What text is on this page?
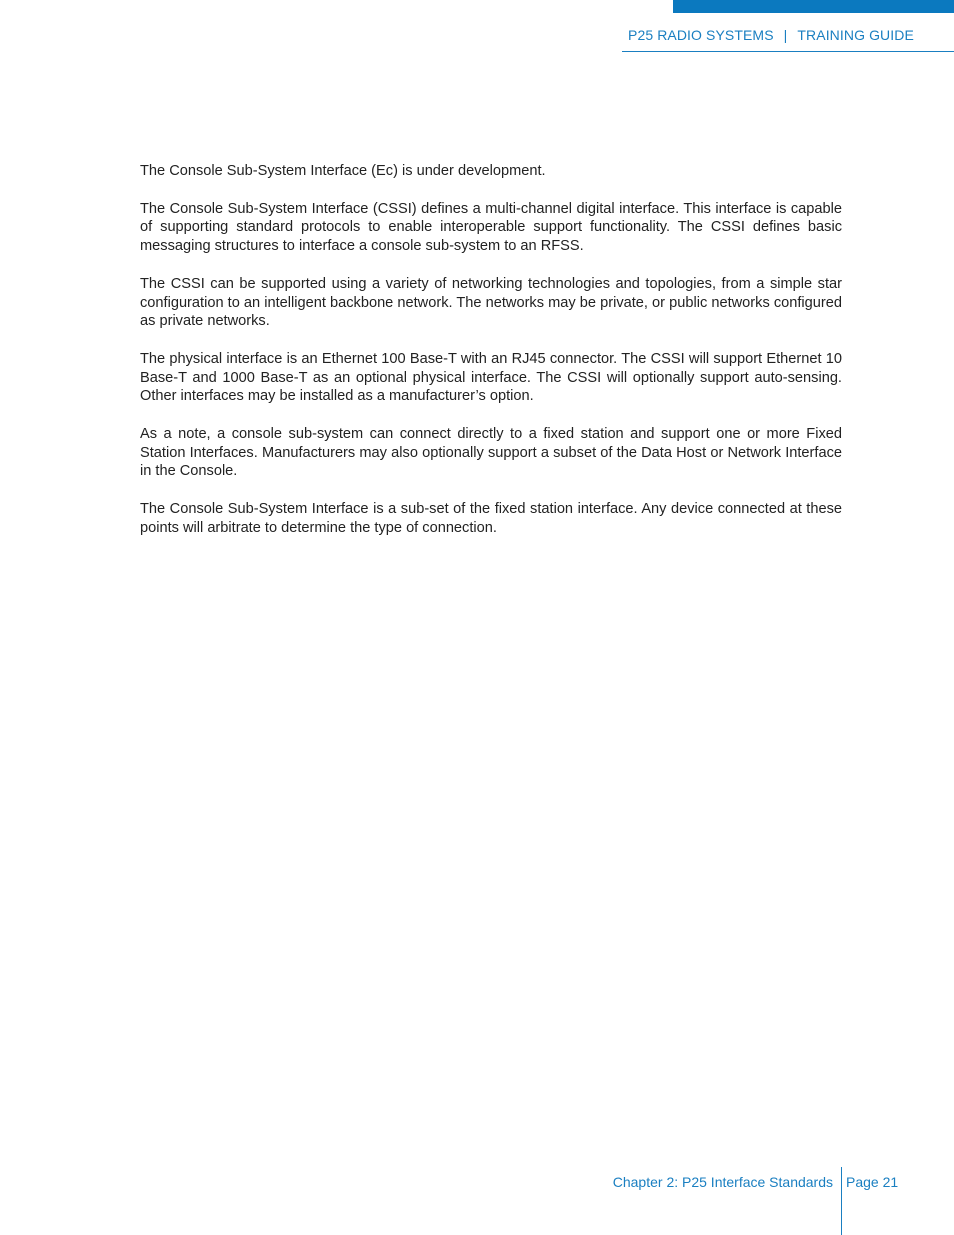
P25 RADIO SYSTEMS | TRAINING GUIDE

The Console Sub-System Interface (Ec) is under development.

The Console Sub-System Interface (CSSI) defines a multi-channel digital interface. This interface is capable of supporting standard protocols to enable interoperable support functionality. The CSSI defines basic messaging structures to interface a console sub-system to an RFSS.

The CSSI can be supported using a variety of networking technologies and topologies, from a simple star configuration to an intelligent backbone network. The networks may be private, or public networks configured as private networks.

The physical interface is an Ethernet 100 Base-T with an RJ45 connector. The CSSI will support Ethernet 10 Base-T and 1000 Base-T as an optional physical interface. The CSSI will optionally support auto-sensing. Other interfaces may be installed as a manufacturer’s option.

As a note, a console sub-system can connect directly to a fixed station and support one or more Fixed Station Interfaces. Manufacturers may also optionally support a subset of the Data Host or Network Interface in the Console.

The Console Sub-System Interface is a sub-set of the fixed station interface. Any device connected at these points will arbitrate to determine the type of connection.

Chapter 2: P25 Interface Standards Page 21
